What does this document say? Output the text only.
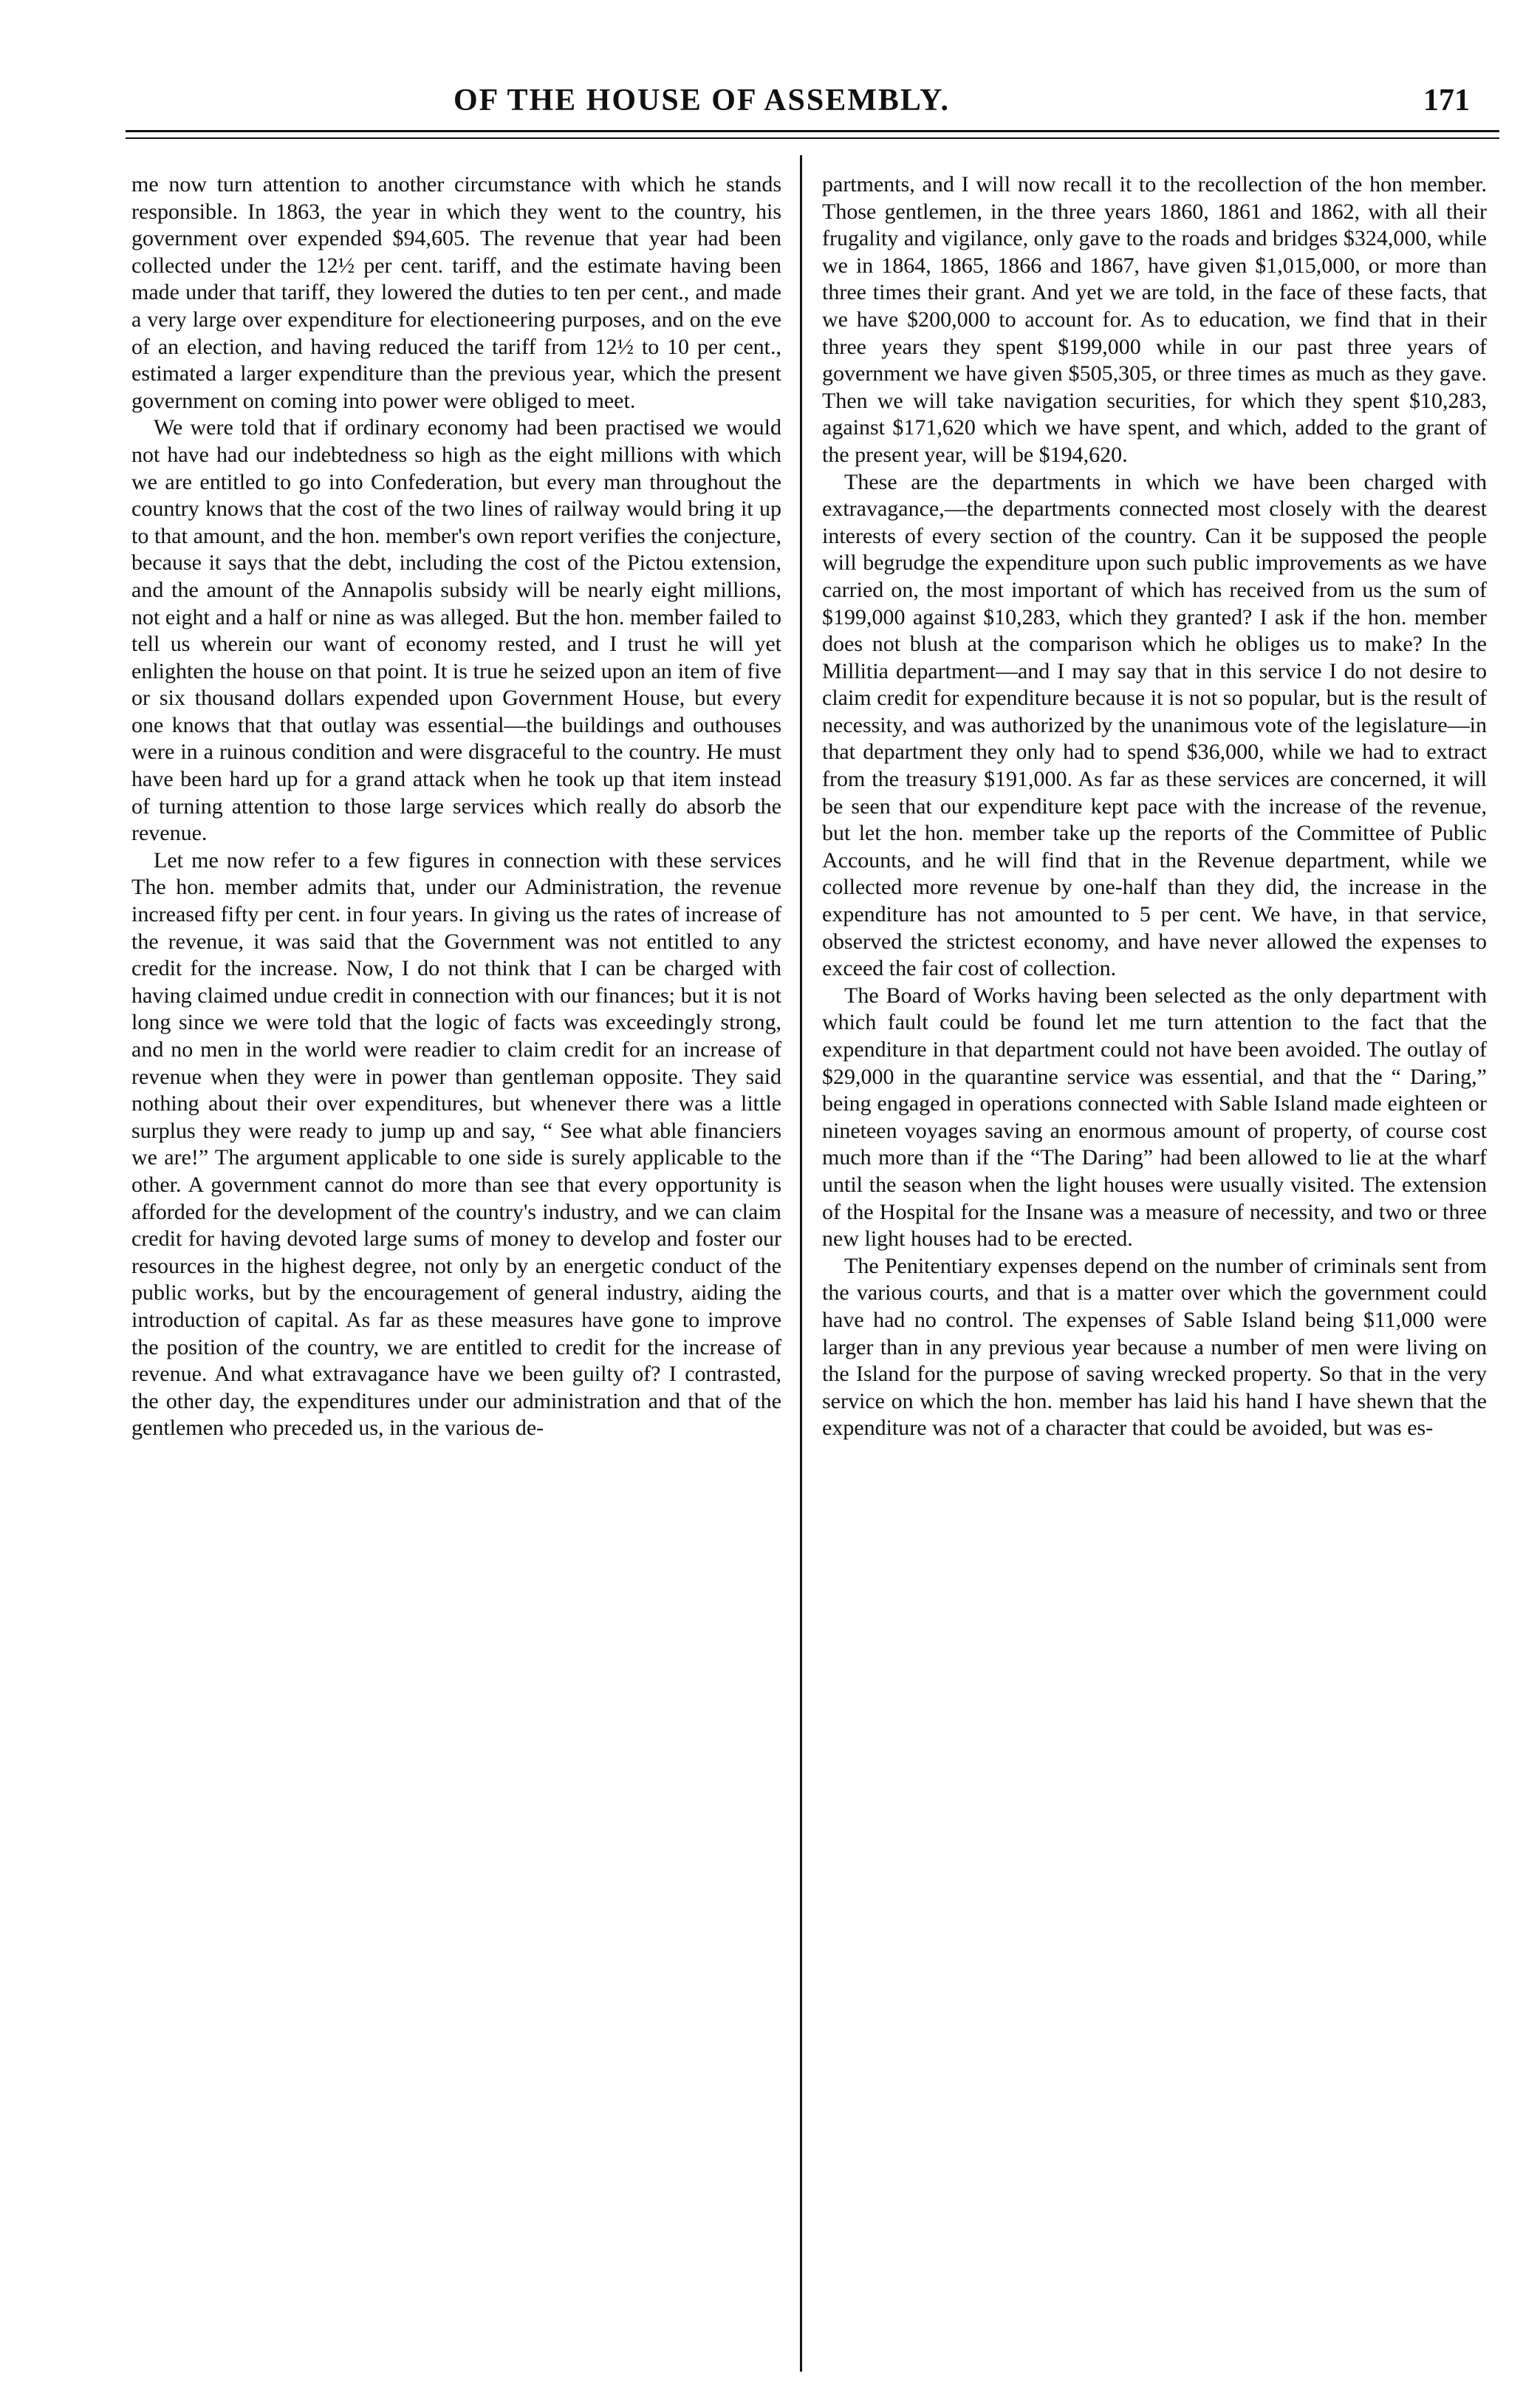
OF THE HOUSE OF ASSEMBLY.	171

me now turn attention to another circumstance with which he stands responsible. In 1863, the year in which they went to the country, his government over expended $94,605. The revenue that year had been collected under the 12½ per cent. tariff, and the estimate having been made under that tariff, they lowered the duties to ten per cent., and made a very large over expenditure for electioneering purposes, and on the eve of an election, and having reduced the tariff from 12½ to 10 per cent., estimated a larger expenditure than the previous year, which the present government on coming into power were obliged to meet.

We were told that if ordinary economy had been practised we would not have had our indebtedness so high as the eight millions with which we are entitled to go into Confederation, but every man throughout the country knows that the cost of the two lines of railway would bring it up to that amount, and the hon. member's own report verifies the conjecture, because it says that the debt, including the cost of the Pictou extension, and the amount of the Annapolis subsidy will be nearly eight millions, not eight and a half or nine as was alleged. But the hon. member failed to tell us wherein our want of economy rested, and I trust he will yet enlighten the house on that point. It is true he seized upon an item of five or six thousand dollars expended upon Government House, but every one knows that that outlay was essential—the buildings and outhouses were in a ruinous condition and were disgraceful to the country. He must have been hard up for a grand attack when he took up that item instead of turning attention to those large services which really do absorb the revenue.

Let me now refer to a few figures in connection with these services The hon. member admits that, under our Administration, the revenue increased fifty per cent. in four years. In giving us the rates of increase of the revenue, it was said that the Government was not entitled to any credit for the increase. Now, I do not think that I can be charged with having claimed undue credit in connection with our finances; but it is not long since we were told that the logic of facts was exceedingly strong, and no men in the world were readier to claim credit for an increase of revenue when they were in power than gentleman opposite. They said nothing about their over expenditures, but whenever there was a little surplus they were ready to jump up and say, “ See what able financiers we are!” The argument applicable to one side is surely applicable to the other. A government cannot do more than see that every opportunity is afforded for the development of the country's industry, and we can claim credit for having devoted large sums of money to develop and foster our resources in the highest degree, not only by an energetic conduct of the public works, but by the encouragement of general industry, aiding the introduction of capital. As far as these measures have gone to improve the position of the country, we are entitled to credit for the increase of revenue. And what extravagance have we been guilty of? I contrasted, the other day, the expenditures under our administration and that of the gentlemen who preceded us, in the various de-

partments, and I will now recall it to the recollection of the hon member. Those gentlemen, in the three years 1860, 1861 and 1862, with all their frugality and vigilance, only gave to the roads and bridges $324,000, while we in 1864, 1865, 1866 and 1867, have given $1,015,000, or more than three times their grant. And yet we are told, in the face of these facts, that we have $200,000 to account for. As to education, we find that in their three years they spent $199,000 while in our past three years of government we have given $505,305, or three times as much as they gave. Then we will take navigation securities, for which they spent $10,283, against $171,620 which we have spent, and which, added to the grant of the present year, will be $194,620.

These are the departments in which we have been charged with extravagance,—the departments connected most closely with the dearest interests of every section of the country. Can it be supposed the people will begrudge the expenditure upon such public improvements as we have carried on, the most important of which has received from us the sum of $199,000 against $10,283, which they granted? I ask if the hon. member does not blush at the comparison which he obliges us to make? In the Millitia department—and I may say that in this service I do not desire to claim credit for expenditure because it is not so popular, but is the result of necessity, and was authorized by the unanimous vote of the legislature—in that department they only had to spend $36,000, while we had to extract from the treasury $191,000. As far as these services are concerned, it will be seen that our expenditure kept pace with the increase of the revenue, but let the hon. member take up the reports of the Committee of Public Accounts, and he will find that in the Revenue department, while we collected more revenue by one-half than they did, the increase in the expenditure has not amounted to 5 per cent. We have, in that service, observed the strictest economy, and have never allowed the expenses to exceed the fair cost of collection.

The Board of Works having been selected as the only department with which fault could be found let me turn attention to the fact that the expenditure in that department could not have been avoided. The outlay of $29,000 in the quarantine service was essential, and that the “ Daring,” being engaged in operations connected with Sable Island made eighteen or nineteen voyages saving an enormous amount of property, of course cost much more than if the “The Daring” had been allowed to lie at the wharf until the season when the light houses were usually visited. The extension of the Hospital for the Insane was a measure of necessity, and two or three new light houses had to be erected.

The Penitentiary expenses depend on the number of criminals sent from the various courts, and that is a matter over which the government could have had no control. The expenses of Sable Island being $11,000 were larger than in any previous year because a number of men were living on the Island for the purpose of saving wrecked property. So that in the very service on which the hon. member has laid his hand I have shewn that the expenditure was not of a character that could be avoided, but was es-
